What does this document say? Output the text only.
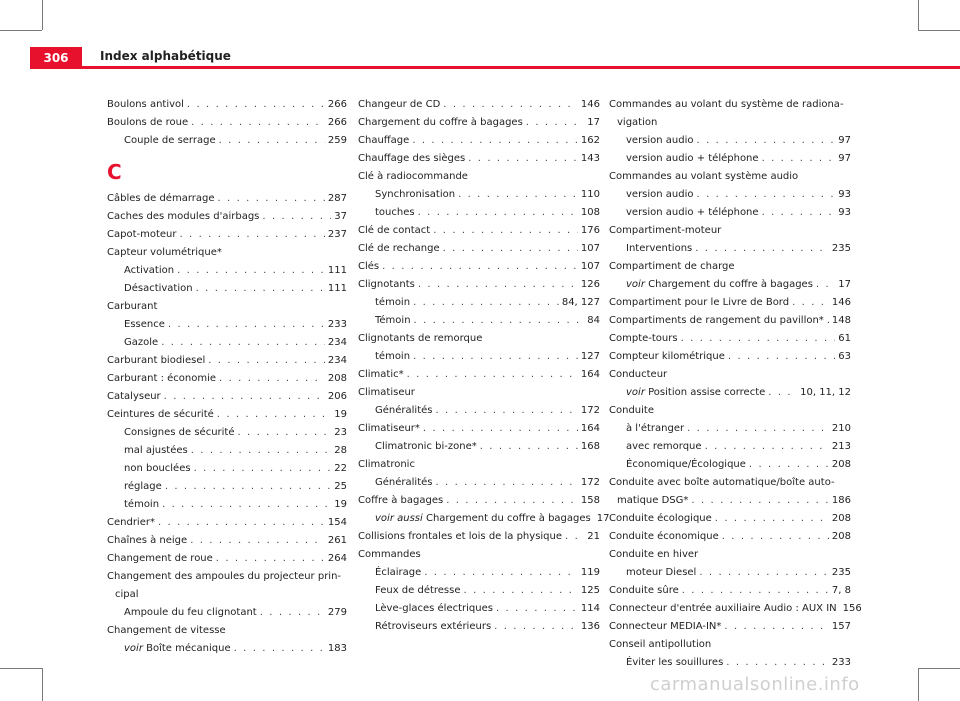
306	Index alphabétique
Boulons antivol . . .	266
Boulons de roue . . .	266
Couple de serrage . . .	259
C
Câbles de démarrage . . .	287
Caches des modules d'airbags . . .	37
Capot-moteur . . .	237
Capteur volumétrique*
Activation . . .	111
Désactivation . . .	111
Carburant
Essence . . .	233
Gazole . . .	234
Carburant biodiesel . . .	234
Carburant : économie . . .	208
Catalyseur . . .	206
Ceintures de sécurité . . .	19
Consignes de sécurité . . .	23
mal ajustées . . .	28
non bouclées . . .	22
réglage . . .	25
témoin . . .	19
Cendrier* . . .	154
Chaînes à neige . . .	261
Changement de roue . . .	264
Changement des ampoules du projecteur prin-
cipal
Ampoule du feu clignotant . . .	279
Changement de vitesse
voir Boîte mécanique . . .	183
Changeur de CD . . .	146
Chargement du coffre à bagages . . .	17
Chauffage . . .	162
Chauffage des sièges . . .	143
Clé à radiocommande
Synchronisation . . .	110
touches . . .	108
Clé de contact . . .	176
Clé de rechange . . .	107
Clés . . .	107
Clignotants . . .	126
témoin . . .	84, 127
Témoin . . .	84
Clignotants de remorque
témoin . . .	127
Climatic* . . .	164
Climatiseur
Généralités . . .	172
Climatiseur* . . .	164
Climatronic bi-zone* . . .	168
Climatronic
Généralités . . .	172
Coffre à bagages . . .	158
voir aussi Chargement du coffre à bagages 17
Collisions frontales et lois de la physique . . .	21
Commandes
Éclairage . . .	119
Feux de détresse . . .	125
Lève-glaces électriques . . .	114
Rétroviseurs extérieurs . . .	136
Commandes au volant du système de radiona-
vigation
version audio . . .	97
version audio + téléphone . . .	97
Commandes au volant système audio
version audio . . .	93
version audio + téléphone . . .	93
Compartiment-moteur
Interventions . . .	235
Compartiment de charge
voir Chargement du coffre à bagages . . .	17
Compartiment pour le Livre de Bord . . .	146
Compartiments de rangement du pavillon* . . . 148
Compte-tours . . .	61
Compteur kilométrique . . .	63
Conducteur
voir Position assise correcte . . .	10, 11, 12
Conduite
à l'étranger . . .	210
avec remorque . . .	213
Économique/Écologique . . .	208
Conduite avec boîte automatique/boîte auto-
matique DSG* . . .	186
Conduite écologique . . .	208
Conduite économique . . .	208
Conduite en hiver
moteur Diesel . . .	235
Conduite sûre . . .	7, 8
Connecteur d'entrée auxiliaire Audio : AUX IN 156
Connecteur MEDIA-IN* . . .	157
Conseil antipollution
Éviter les souillures . . .	233
carmanualsonline.info
